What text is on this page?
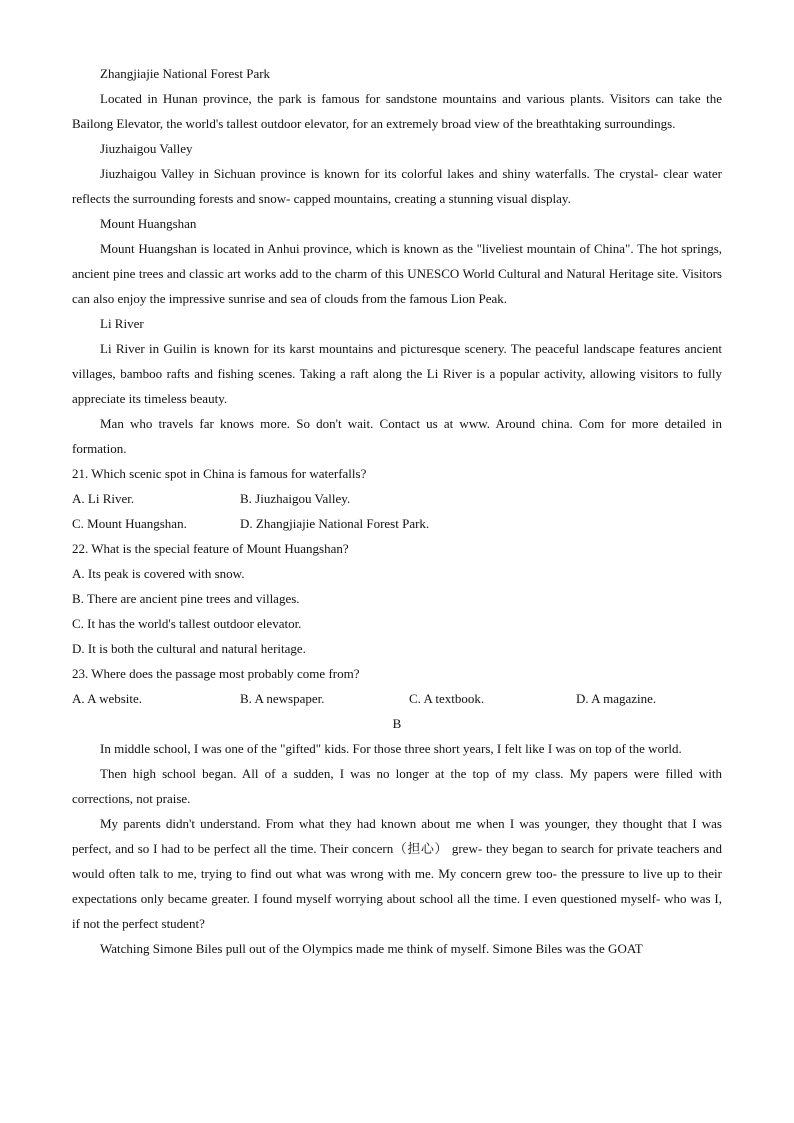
Zhangjiajie National Forest Park

Located in Hunan province, the park is famous for sandstone mountains and various plants. Visitors can take the Bailong Elevator, the world's tallest outdoor elevator, for an extremely broad view of the breathtaking surroundings.

Jiuzhaigou Valley

Jiuzhaigou Valley in Sichuan province is known for its colorful lakes and shiny waterfalls. The crystal- clear water reflects the surrounding forests and snow- capped mountains, creating a stunning visual display.

Mount Huangshan

Mount Huangshan is located in Anhui province, which is known as the "liveliest mountain of China". The hot springs, ancient pine trees and classic art works add to the charm of this UNESCO World Cultural and Natural Heritage site. Visitors can also enjoy the impressive sunrise and sea of clouds from the famous Lion Peak.

Li River

Li River in Guilin is known for its karst mountains and picturesque scenery. The peaceful landscape features ancient villages, bamboo rafts and fishing scenes. Taking a raft along the Li River is a popular activity, allowing visitors to fully appreciate its timeless beauty.

Man who travels far knows more. So don't wait. Contact us at www. Around china. Com for more detailed in formation.

21. Which scenic spot in China is famous for waterfalls?

A. Li River.	B. Jiuzhaigou Valley.
C. Mount Huangshan.	D. Zhangjiajie National Forest Park.

22. What is the special feature of Mount Huangshan?

A. Its peak is covered with snow.

B. There are ancient pine trees and villages.

C. It has the world's tallest outdoor elevator.

D. It is both the cultural and natural heritage.

23. Where does the passage most probably come from?

A. A website.	B. A newspaper.	C. A textbook.	D. A magazine.

B

In middle school, I was one of the "gifted" kids. For those three short years, I felt like I was on top of the world.

Then high school began. All of a sudden, I was no longer at the top of my class. My papers were filled with corrections, not praise.

My parents didn't understand. From what they had known about me when I was younger, they thought that I was perfect, and so I had to be perfect all the time. Their concern（担心） grew- they began to search for private teachers and would often talk to me, trying to find out what was wrong with me. My concern grew too- the pressure to live up to their expectations only became greater. I found myself worrying about school all the time. I even questioned myself- who was I, if not the perfect student?

Watching Simone Biles pull out of the Olympics made me think of myself. Simone Biles was the GOAT
